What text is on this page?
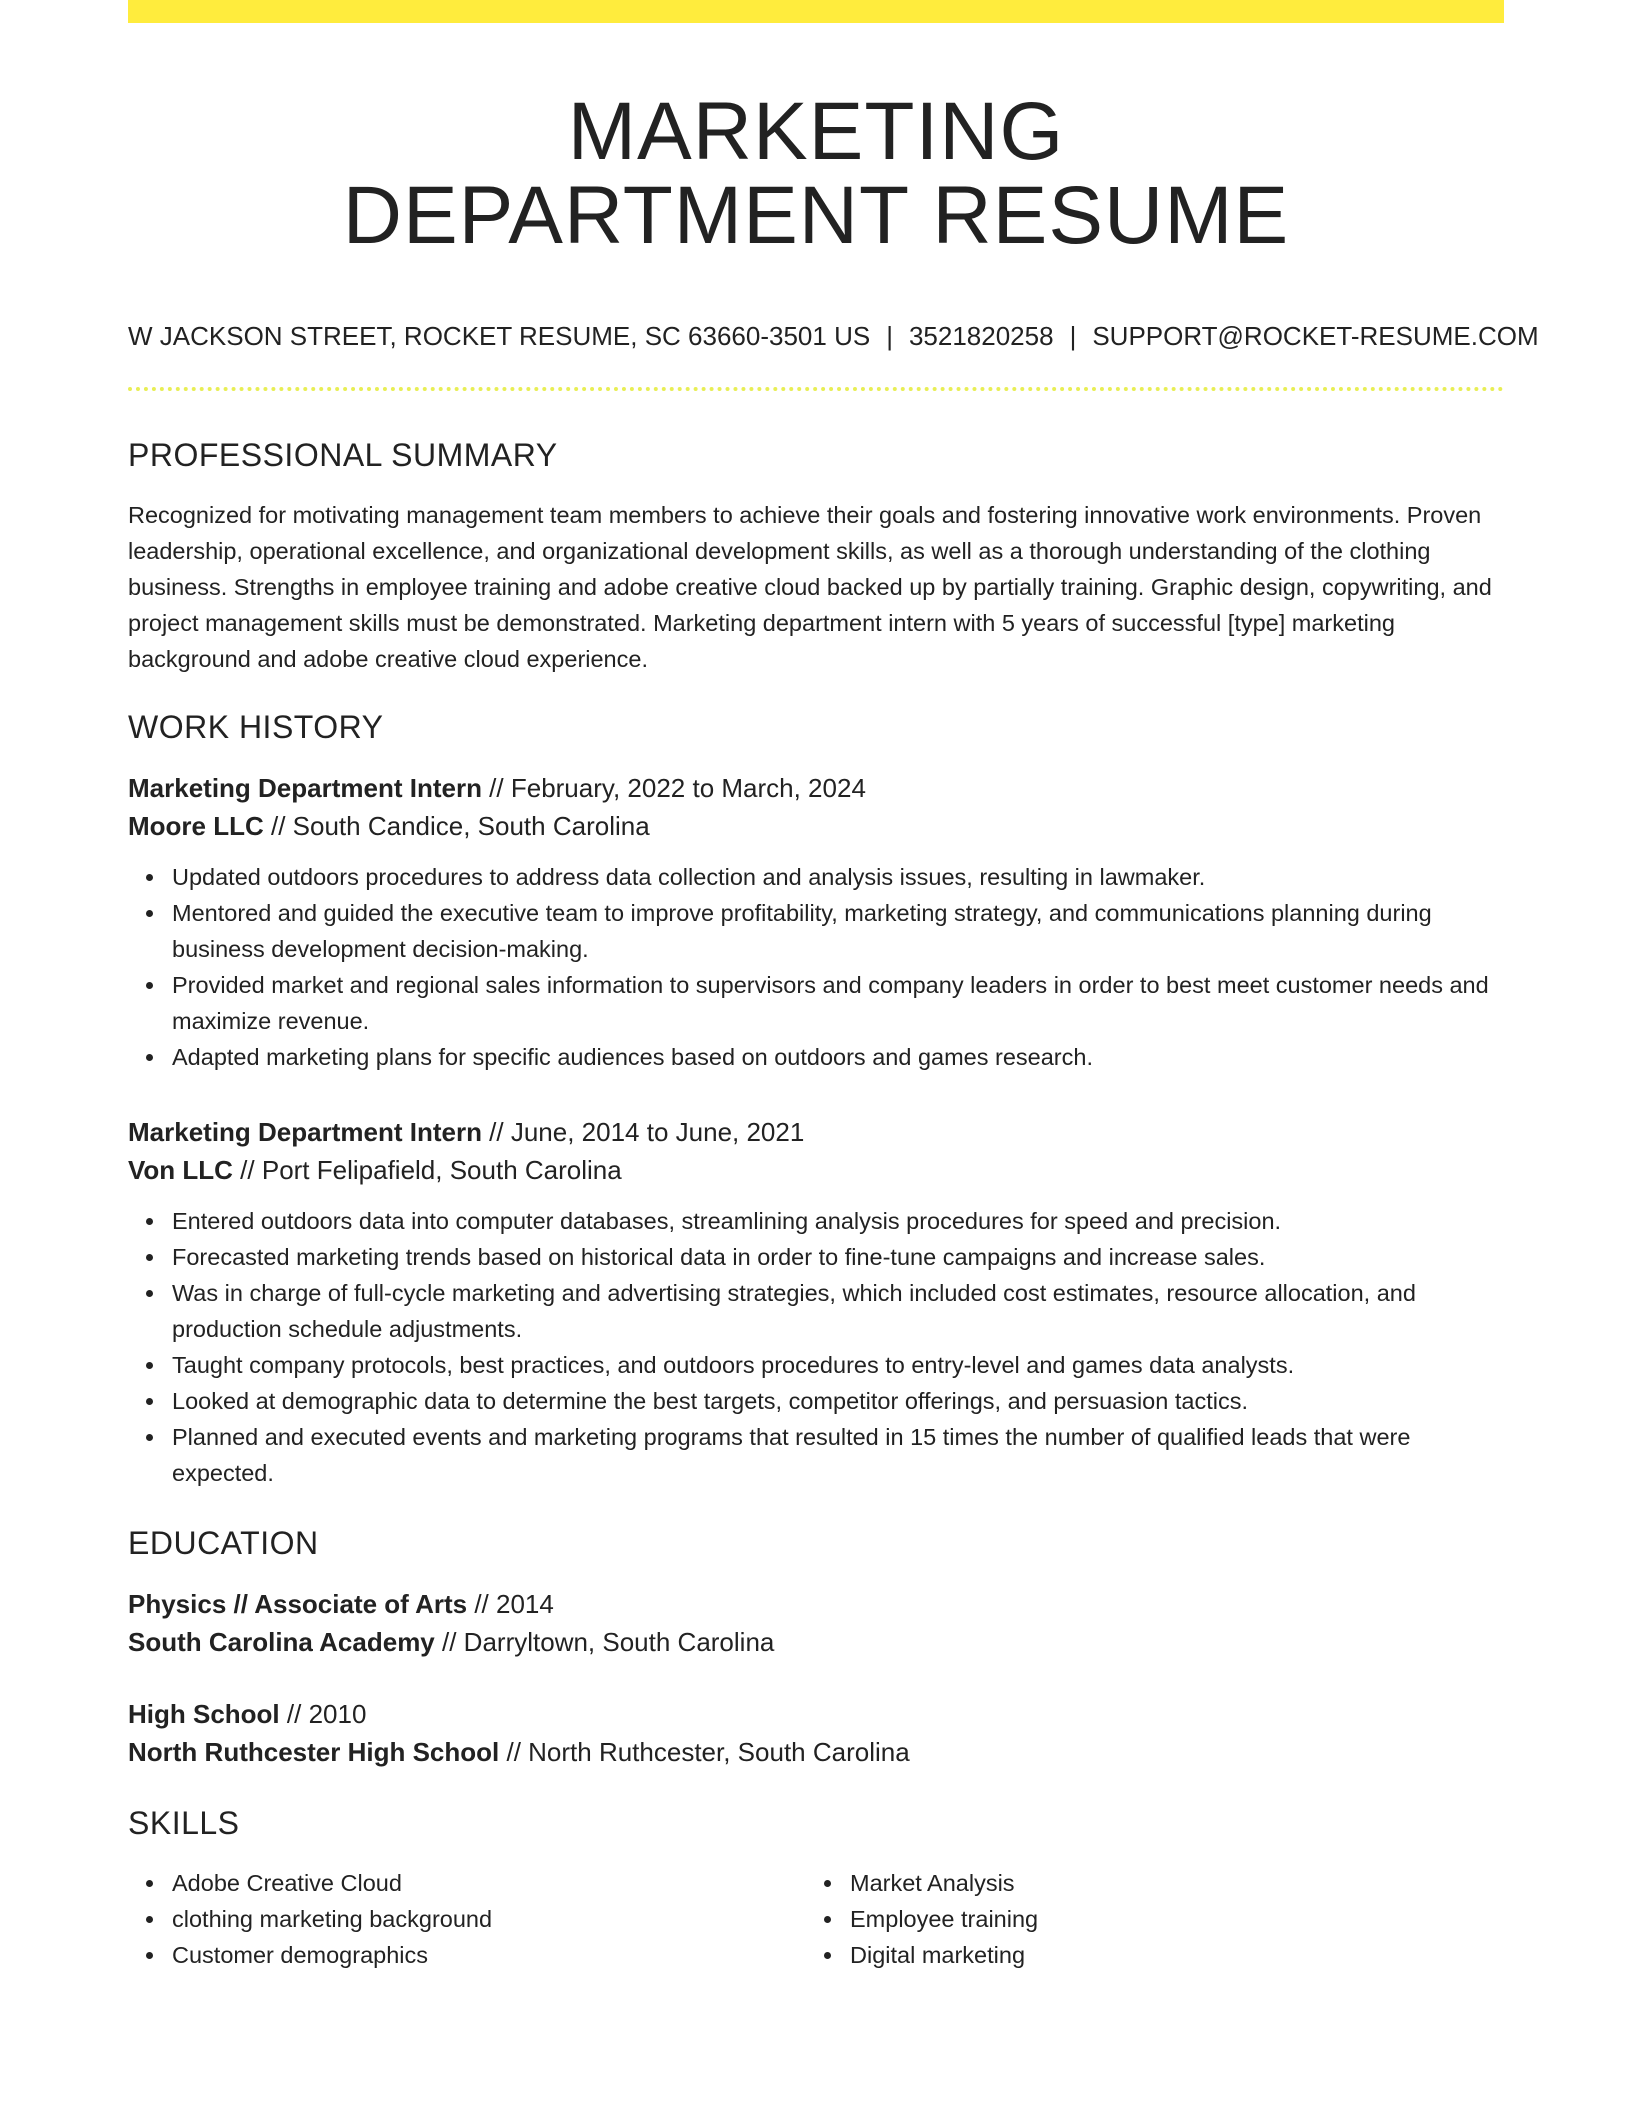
MARKETING
DEPARTMENT RESUME
W JACKSON STREET, ROCKET RESUME, SC 63660-3501 US | 3521820258 | SUPPORT@ROCKET-RESUME.COM
PROFESSIONAL SUMMARY

Recognized for motivating management team members to achieve their goals and fostering innovative work environments. Proven leadership, operational excellence, and organizational development skills, as well as a thorough understanding of the clothing business. Strengths in employee training and adobe creative cloud backed up by partially training. Graphic design, copywriting, and project management skills must be demonstrated. Marketing department intern with 5 years of successful [type] marketing background and adobe creative cloud experience.

WORK HISTORY
Marketing Department Intern // February, 2022 to March, 2024
Moore LLC // South Candice, South Carolina
Updated outdoors procedures to address data collection and analysis issues, resulting in lawmaker.
Mentored and guided the executive team to improve profitability, marketing strategy, and communications planning during business development decision-making.
Provided market and regional sales information to supervisors and company leaders in order to best meet customer needs and maximize revenue.
Adapted marketing plans for specific audiences based on outdoors and games research.
Marketing Department Intern // June, 2014 to June, 2021
Von LLC // Port Felipafield, South Carolina
Entered outdoors data into computer databases, streamlining analysis procedures for speed and precision.
Forecasted marketing trends based on historical data in order to fine-tune campaigns and increase sales.
Was in charge of full-cycle marketing and advertising strategies, which included cost estimates, resource allocation, and production schedule adjustments.
Taught company protocols, best practices, and outdoors procedures to entry-level and games data analysts.
Looked at demographic data to determine the best targets, competitor offerings, and persuasion tactics.
Planned and executed events and marketing programs that resulted in 15 times the number of qualified leads that were expected.
EDUCATION
Physics // Associate of Arts // 2014
South Carolina Academy // Darryltown, South Carolina
High School // 2010
North Ruthcester High School // North Ruthcester, South Carolina
SKILLS
Adobe Creative Cloud
clothing marketing background
Customer demographics
Market Analysis
Employee training
Digital marketing
